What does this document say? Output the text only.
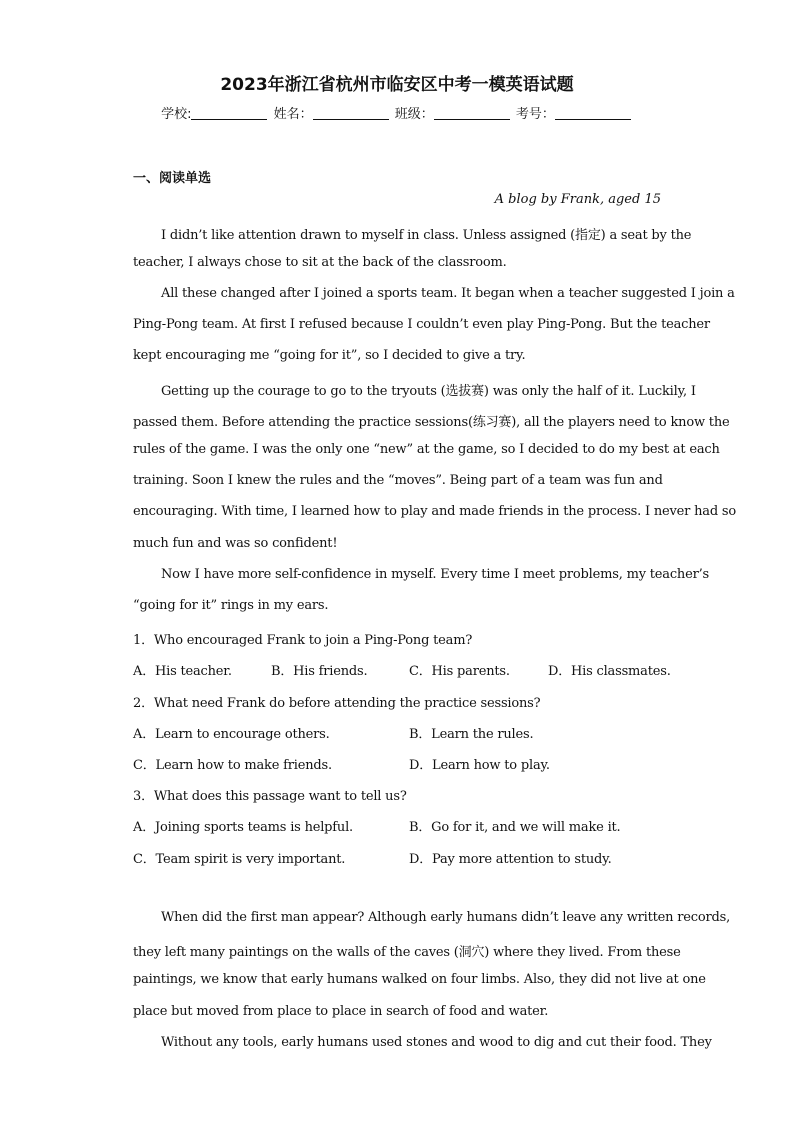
2023年浙江省杭州市临安区中考一模英语试题
学校:	姓名：	班级：	考号：
一、阅读单选
A blog by Frank, aged 15
I didn’t like attention drawn to myself in class. Unless assigned (指定) a seat by the
teacher, I always chose to sit at the back of the classroom.
All these changed after I joined a sports team. It began when a teacher suggested I join a
Ping-Pong team. At first I refused because I couldn’t even play Ping-Pong. But the teacher
kept encouraging me “going for it”, so I decided to give a try.
Getting up the courage to go to the tryouts (选拔赛) was only the half of it. Luckily, I
passed them. Before attending the practice sessions(练习赛), all the players need to know the
rules of the game. I was the only one “new” at the game, so I decided to do my best at each
training. Soon I knew the rules and the “moves”. Being part of a team was fun and
encouraging. With time, I learned how to play and made friends in the process. I never had so
much fun and was so confident!
Now I have more self-confidence in myself. Every time I meet problems, my teacher’s
“going for it” rings in my ears.
1．Who encouraged Frank to join a Ping-Pong team?
A．His teacher.	B．His friends.	C．His parents.	D．His classmates.
2．What need Frank do before attending the practice sessions?
A．Learn to encourage others.	B．Learn the rules.
C．Learn how to make friends.	D．Learn how to play.
3．What does this passage want to tell us?
A．Joining sports teams is helpful.	B．Go for it, and we will make it.
C．Team spirit is very important.	D．Pay more attention to study.
When did the first man appear? Although early humans didn’t leave any written records,
they left many paintings on the walls of the caves (洞穴) where they lived. From these
paintings, we know that early humans walked on four limbs. Also, they did not live at one
place but moved from place to place in search of food and water.
Without any tools, early humans used stones and wood to dig and cut their food. They
